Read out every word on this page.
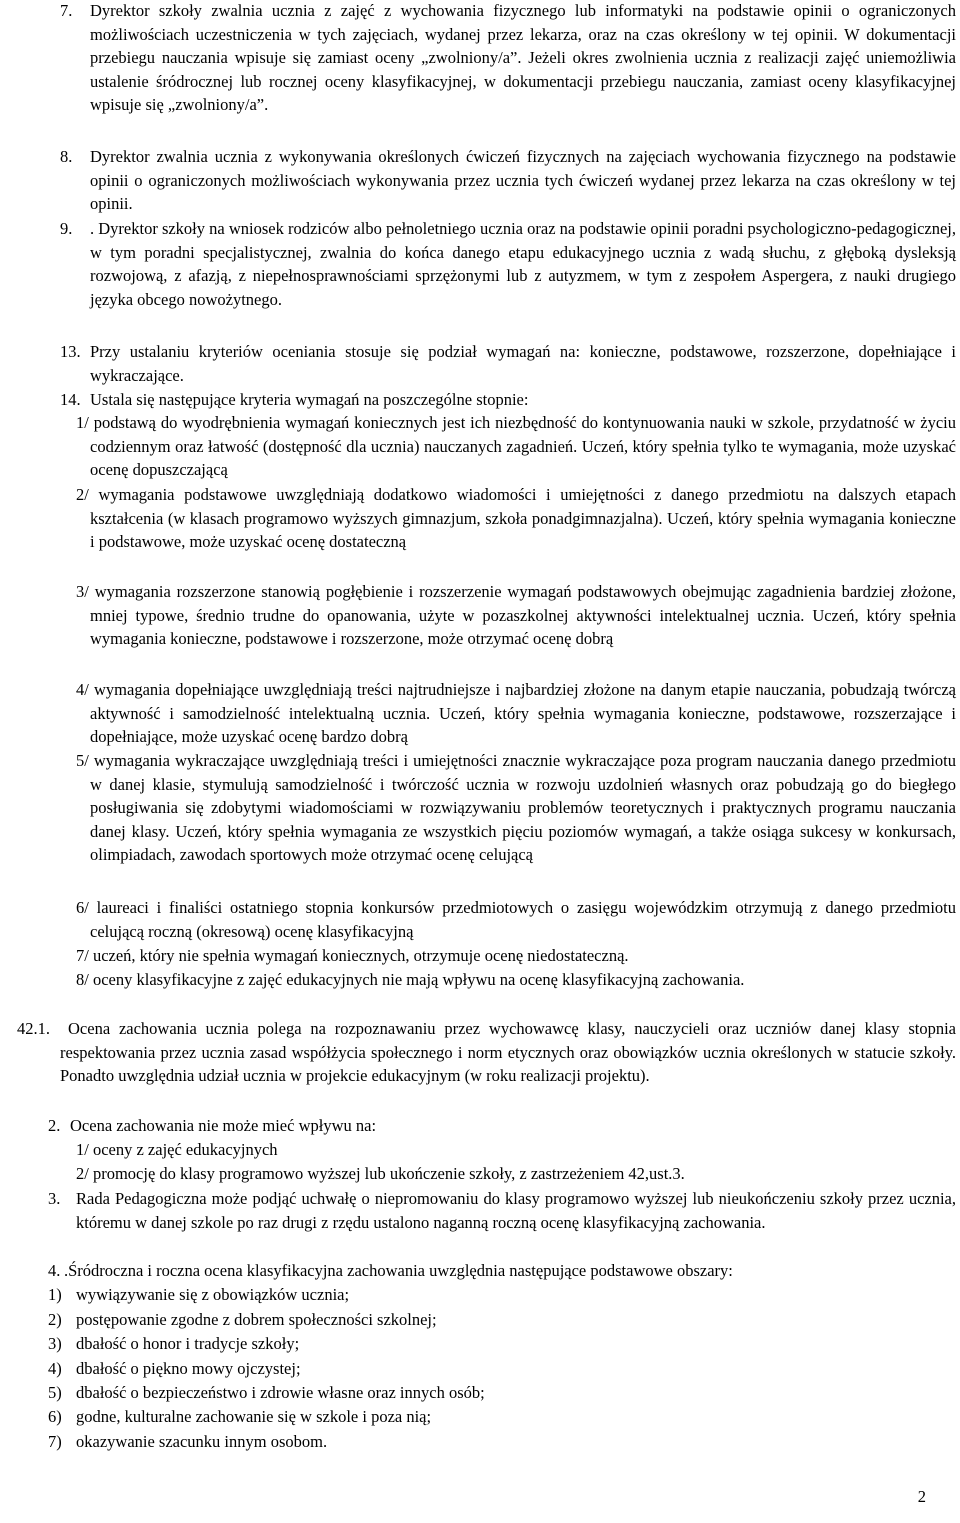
7. Dyrektor szkoły zwalnia ucznia z zajęć z wychowania fizycznego lub informatyki na podstawie opinii o ograniczonych możliwościach uczestniczenia w tych zajęciach, wydanej przez lekarza, oraz na czas określony w tej opinii. W dokumentacji przebiegu nauczania wpisuje się zamiast oceny „zwolniony/a”. Jeżeli okres zwolnienia ucznia z realizacji zajęć uniemożliwia ustalenie śródrocznej lub rocznej oceny klasyfikacyjnej, w dokumentacji przebiegu nauczania, zamiast oceny klasyfikacyjnej wpisuje się „zwolniony/a”.
8. Dyrektor zwalnia ucznia z wykonywania określonych ćwiczeń fizycznych na zajęciach wychowania fizycznego na podstawie opinii o ograniczonych możliwościach wykonywania przez ucznia tych ćwiczeń wydanej przez lekarza na czas określony w tej opinii.
9. . Dyrektor szkoły na wniosek rodziców albo pełnoletniego ucznia oraz na podstawie opinii poradni psychologiczno-pedagogicznej, w tym poradni specjalistycznej, zwalnia do końca danego etapu edukacyjnego ucznia z wadą słuchu, z głęboką dysleksją rozwojową, z afazją, z niepełnosprawnościami sprzężonymi lub z autyzmem, w tym z zespołem Aspergera, z nauki drugiego języka obcego nowożytnego.
13. Przy ustalaniu kryteriów oceniania stosuje się podział wymagań na: konieczne, podstawowe, rozszerzone, dopełniające i wykraczające.
14. Ustala się następujące kryteria wymagań na poszczególne stopnie:
1/ podstawą do wyodrębnienia wymagań koniecznych jest ich niezbędność do kontynuowania nauki w szkole, przydatność w życiu codziennym oraz łatwość (dostępność dla ucznia) nauczanych zagadnień. Uczeń, który spełnia tylko te wymagania, może uzyskać ocenę dopuszczającą
2/ wymagania podstawowe uwzględniają dodatkowo wiadomości i umiejętności z danego przedmiotu na dalszych etapach kształcenia (w klasach programowo wyższych gimnazjum, szkoła ponadgimnazjalna). Uczeń, który spełnia wymagania konieczne i podstawowe, może uzyskać ocenę dostateczną
3/ wymagania rozszerzone stanowią pogłębienie i rozszerzenie wymagań podstawowych obejmując zagadnienia bardziej złożone, mniej typowe, średnio trudne do opanowania, użyte w pozaszkolnej aktywności intelektualnej ucznia. Uczeń, który spełnia wymagania konieczne, podstawowe i rozszerzone, może otrzymać ocenę dobrą
4/ wymagania dopełniające uwzględniają treści najtrudniejsze i najbardziej złożone na danym etapie nauczania, pobudzają twórczą aktywność i samodzielność intelektualną ucznia. Uczeń, który spełnia wymagania konieczne, podstawowe, rozszerzające i dopełniające, może uzyskać ocenę bardzo dobrą
5/ wymagania wykraczające uwzględniają treści i umiejętności znacznie wykraczające poza program nauczania danego przedmiotu w danej klasie, stymulują samodzielność i twórczość ucznia w rozwoju uzdolnień własnych oraz pobudzają go do biegłego posługiwania się zdobytymi wiadomościami w rozwiązywaniu problemów teoretycznych i praktycznych programu nauczania danej klasy. Uczeń, który spełnia wymagania ze wszystkich pięciu poziomów wymagań, a także osiąga sukcesy w konkursach, olimpiadach, zawodach sportowych może otrzymać ocenę celującą
6/ laureaci i finaliści ostatniego stopnia konkursów przedmiotowych o zasięgu wojewódzkim otrzymują z danego przedmiotu celującą roczną (okresową) ocenę klasyfikacyjną
7/ uczeń, który nie spełnia wymagań koniecznych, otrzymuje ocenę niedostateczną.
8/ oceny klasyfikacyjne z zajęć edukacyjnych nie mają wpływu na ocenę klasyfikacyjną zachowania.
42.1.	Ocena zachowania ucznia polega na rozpoznawaniu przez wychowawcę klasy, nauczycieli oraz uczniów danej klasy stopnia respektowania przez ucznia zasad współżycia społecznego i norm etycznych oraz obowiązków ucznia określonych w statucie szkoły. Ponadto uwzględnia udział ucznia w projekcie edukacyjnym (w roku realizacji projektu).
2. Ocena zachowania nie może mieć wpływu na:
1/ oceny z zajęć edukacyjnych
2/ promocję do klasy programowo wyższej lub ukończenie szkoły, z zastrzeżeniem 42,ust.3.
3. Rada Pedagogiczna może podjąć uchwałę o niepromowaniu do klasy programowo wyższej lub nieukończeniu szkoły przez ucznia, któremu w danej szkole po raz drugi z rzędu ustalono naganną roczną ocenę klasyfikacyjną zachowania.
4. .Śródroczna i roczna ocena klasyfikacyjna zachowania uwzględnia następujące podstawowe obszary:
1) wywiązywanie się z obowiązków ucznia;
2) postępowanie zgodne z dobrem społeczności szkolnej;
3) dbałość o honor i tradycje szkoły;
4) dbałość o piękno mowy ojczystej;
5) dbałość o bezpieczeństwo i zdrowie własne oraz innych osób;
6) godne, kulturalne zachowanie się w szkole i poza nią;
7) okazywanie szacunku innym osobom.
2
